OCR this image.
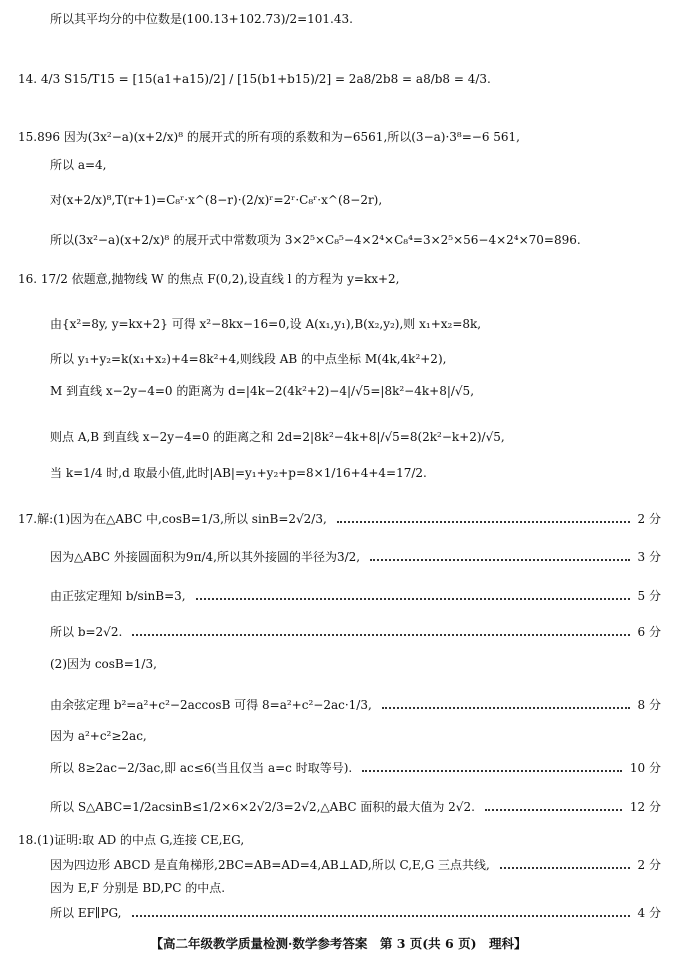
所以其平均分的中位数是(100.13+102.73)/2=101.43.
14. 4/3 S15/T15 = [15(a1+a15)/2] / [15(b1+b15)/2] = 2a8/2b8 = a8/b8 = 4/3.
15.896 因为(3x²−a)(x+2/x)⁸ 的展开式的所有项的系数和为−6561,所以(3−a)·3⁸=−6 561,
所以 a=4,
对(x+2/x)⁸,T(r+1)=C₈ʳ·x^(8−r)·(2/x)ʳ=2ʳ·C₈ʳ·x^(8−2r),
所以(3x²−a)(x+2/x)⁸ 的展开式中常数项为 3×2⁵×C₈⁵−4×2⁴×C₈⁴=3×2⁵×56−4×2⁴×70=896.
16. 17/2 依题意,抛物线 W 的焦点 F(0,2),设直线 l 的方程为 y=kx+2,
由{x²=8y, y=kx+2} 可得 x²−8kx−16=0,设 A(x₁,y₁),B(x₂,y₂),则 x₁+x₂=8k,
所以 y₁+y₂=k(x₁+x₂)+4=8k²+4,则线段 AB 的中点坐标 M(4k,4k²+2),
M 到直线 x−2y−4=0 的距离为 d=|4k−2(4k²+2)−4|/√5=|8k²−4k+8|/√5,
则点 A,B 到直线 x−2y−4=0 的距离之和 2d=2|8k²−4k+8|/√5=8(2k²−k+2)/√5,
当 k=1/4 时,d 取最小值,此时|AB|=y₁+y₂+p=8×1/16+4+4=17/2.
17.解:(1)因为在△ABC 中,cosB=1/3,所以 sinB=2√2/3,	2 分
因为△ABC 外接圆面积为9π/4,所以其外接圆的半径为3/2,	3 分
由正弦定理知 b/sinB=3,	5 分
所以 b=2√2.	6 分
(2)因为 cosB=1/3,
由余弦定理 b²=a²+c²−2accosB 可得 8=a²+c²−2ac·1/3,	8 分
因为 a²+c²≥2ac,
所以 8≥2ac−2/3ac,即 ac≤6(当且仅当 a=c 时取等号).	10 分
所以 S△ABC=1/2acsinB≤1/2×6×2√2/3=2√2,△ABC 面积的最大值为 2√2.	12 分
18.(1)证明:取 AD 的中点 G,连接 CE,EG,
因为四边形 ABCD 是直角梯形,2BC=AB=AD=4,AB⊥AD,所以 C,E,G 三点共线,	2 分
因为 E,F 分别是 BD,PC 的中点.
所以 EF∥PG,	4 分
【高二年级教学质量检测·数学参考答案　第 3 页(共 6 页)　理科】
